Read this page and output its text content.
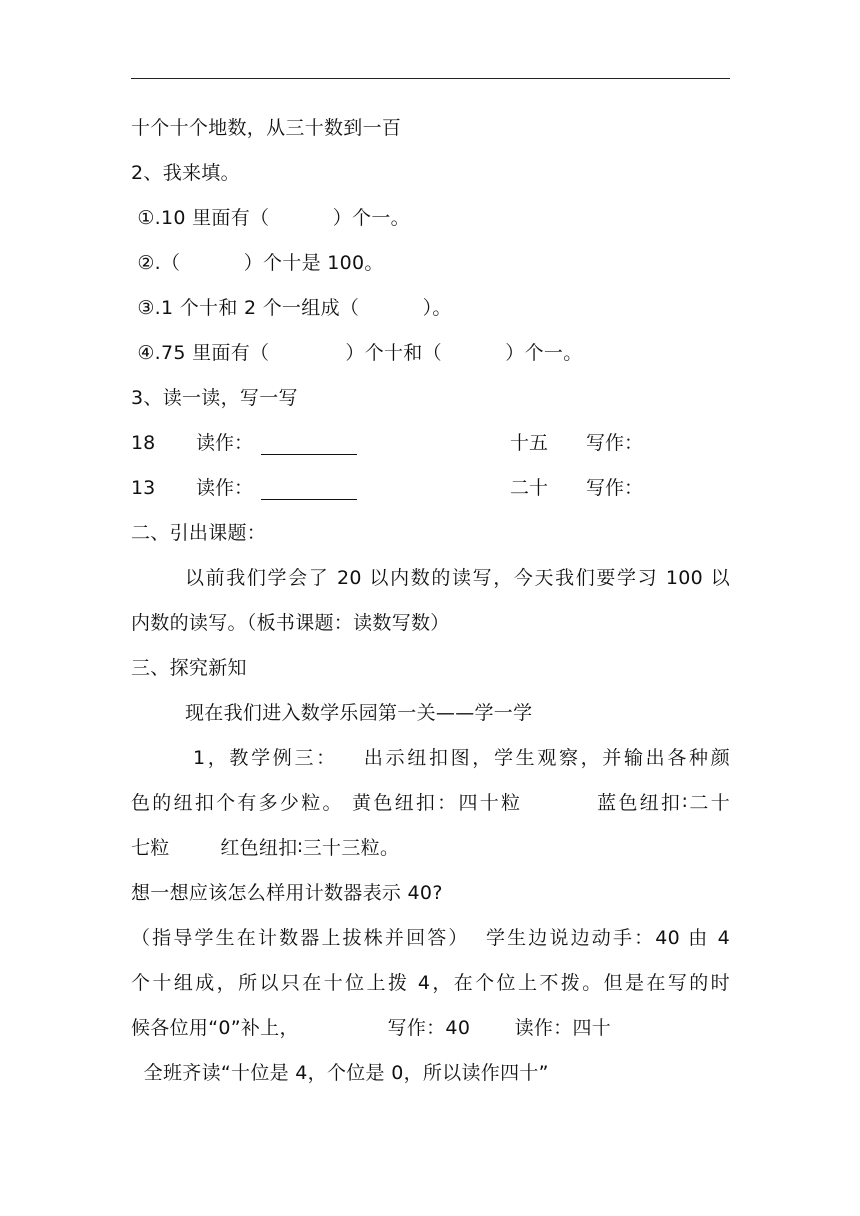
十个十个地数，从三十数到一百
2、我来填。
①.10 里面有（          ）个一。
②.（          ）个十是 100。
③.1 个十和 2 个一组成（          ）。
④.75 里面有（            ）个十和（          ）个一。
3、读一读，写一写
18 读作：	十五 写作：
13 读作：	二十 写作：
二、引出课题：
以前我们学会了 20 以内数的读写，今天我们要学习 100 以
内数的读写。（板书课题：读数写数）
三、探究新知
现在我们进入数学乐园第一关——学一学
1，教学例三：   出示纽扣图，学生观察，并输出各种颜
色的纽扣个有多少粒。 黄色纽扣：四十粒         蓝色纽扣∶二十
七粒        红色纽扣∶三十三粒。
想一想应该怎么样用计数器表示 40?
（指导学生在计数器上拔株并回答）  学生边说边动手：40 由 4
个十组成，所以只在十位上拨 4，在个位上不拨。但是在写的时
候各位用“0”补上，              写作：40       读作：四十
全班齐读“十位是 4，个位是 0，所以读作四十”
